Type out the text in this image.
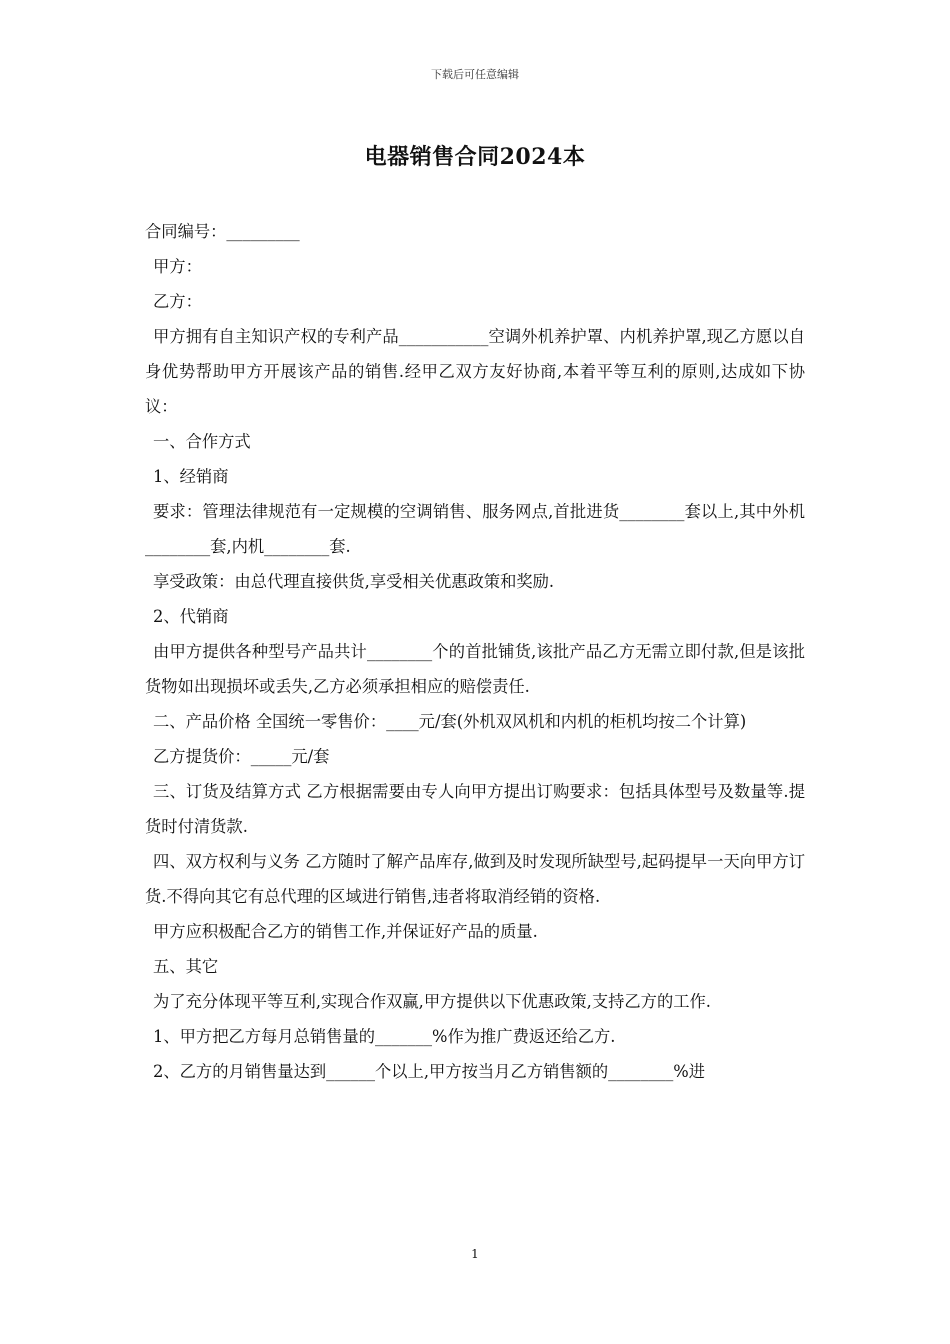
下载后可任意编辑
电器销售合同2024本

合同编号：_________

甲方：

乙方：

甲方拥有自主知识产权的专利产品___________空调外机养护罩、内机养护罩,现乙方愿以自身优势帮助甲方开展该产品的销售.经甲乙双方友好协商,本着平等互利的原则,达成如下协议：

一、合作方式

1、经销商

要求：管理法律规范有一定规模的空调销售、服务网点,首批进货________套以上,其中外机________套,内机________套.

享受政策：由总代理直接供货,享受相关优惠政策和奖励.

2、代销商

由甲方提供各种型号产品共计________个的首批铺货,该批产品乙方无需立即付款,但是该批货物如出现损坏或丢失,乙方必须承担相应的赔偿责任.

二、产品价格 全国统一零售价：____元/套(外机双风机和内机的柜机均按二个计算)

乙方提货价：_____元/套

三、订货及结算方式 乙方根据需要由专人向甲方提出订购要求：包括具体型号及数量等.提货时付清货款.

四、双方权利与义务 乙方随时了解产品库存,做到及时发现所缺型号,起码提早一天向甲方订货.不得向其它有总代理的区域进行销售,违者将取消经销的资格.

甲方应积极配合乙方的销售工作,并保证好产品的质量.

五、其它

为了充分体现平等互利,实现合作双赢,甲方提供以下优惠政策,支持乙方的工作.

1、甲方把乙方每月总销售量的_______%作为推广费返还给乙方.

2、乙方的月销售量达到______个以上,甲方按当月乙方销售额的________%进

1
